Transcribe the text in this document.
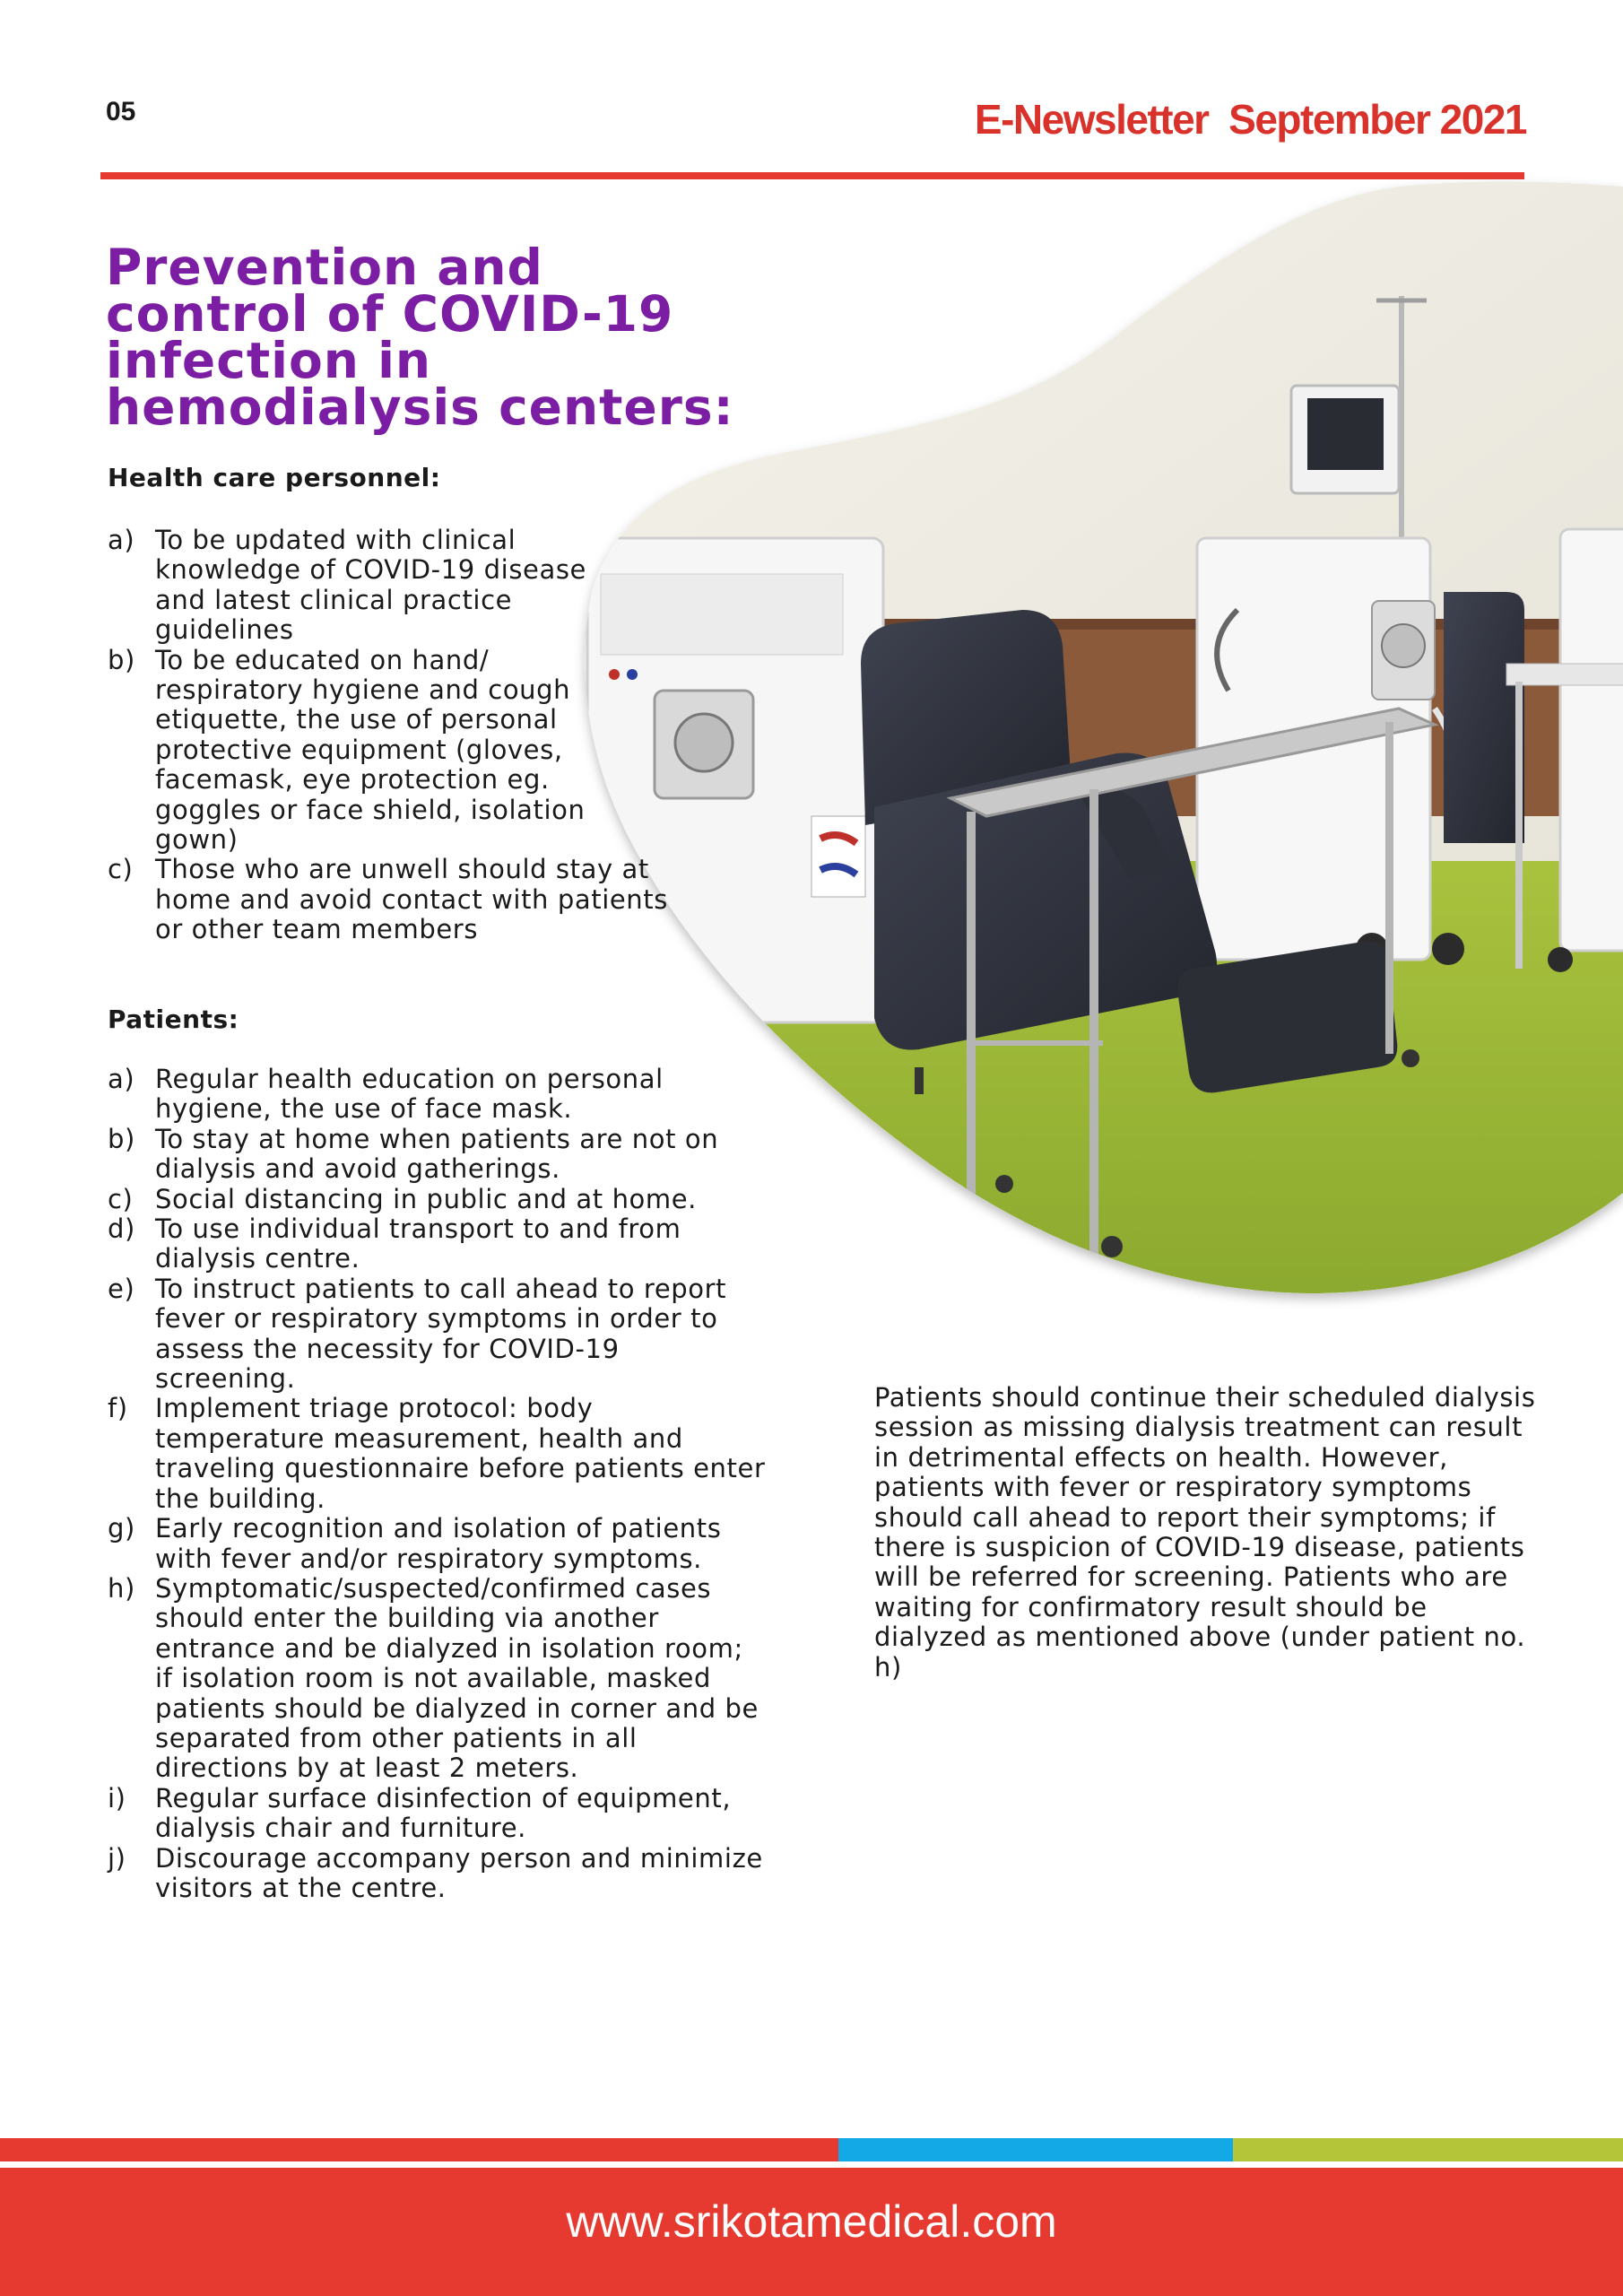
05	E-Newsletter  September 2021
Prevention and control of COVID-19 infection in hemodialysis centers:
Health care personnel:
a) To be updated with clinical knowledge of COVID-19 disease and latest clinical practice guidelines
b) To be educated on hand/ respiratory hygiene and cough etiquette, the use of personal protective equipment (gloves, facemask, eye protection eg. goggles or face shield, isolation gown)
c) Those who are unwell should stay at home and avoid contact with patients or other team members
Patients:
a) Regular health education on personal hygiene, the use of face mask.
b) To stay at home when patients are not on dialysis and avoid gatherings.
c) Social distancing in public and at home.
d) To use individual transport to and from dialysis centre.
e) To instruct patients to call ahead to report fever or respiratory symptoms in order to assess the necessity for COVID-19 screening.
f) Implement triage protocol: body temperature measurement, health and traveling questionnaire before patients enter the building.
g) Early recognition and isolation of patients with fever and/or respiratory symptoms.
h) Symptomatic/suspected/confirmed cases should enter the building via another entrance and be dialyzed in isolation room; if isolation room is not available, masked patients should be dialyzed in corner and be separated from other patients in all directions by at least 2 meters.
i) Regular surface disinfection of equipment, dialysis chair and furniture.
j) Discourage accompany person and minimize visitors at the centre.

Patients should continue their scheduled dialysis session as missing dialysis treatment can result in detrimental effects on health. However, patients with fever or respiratory symptoms should call ahead to report their symptoms; if there is suspicion of COVID-19 disease, patients will be referred for screening. Patients who are waiting for confirmatory result should be dialyzed as mentioned above (under patient no. h)

www.srikotamedical.com
